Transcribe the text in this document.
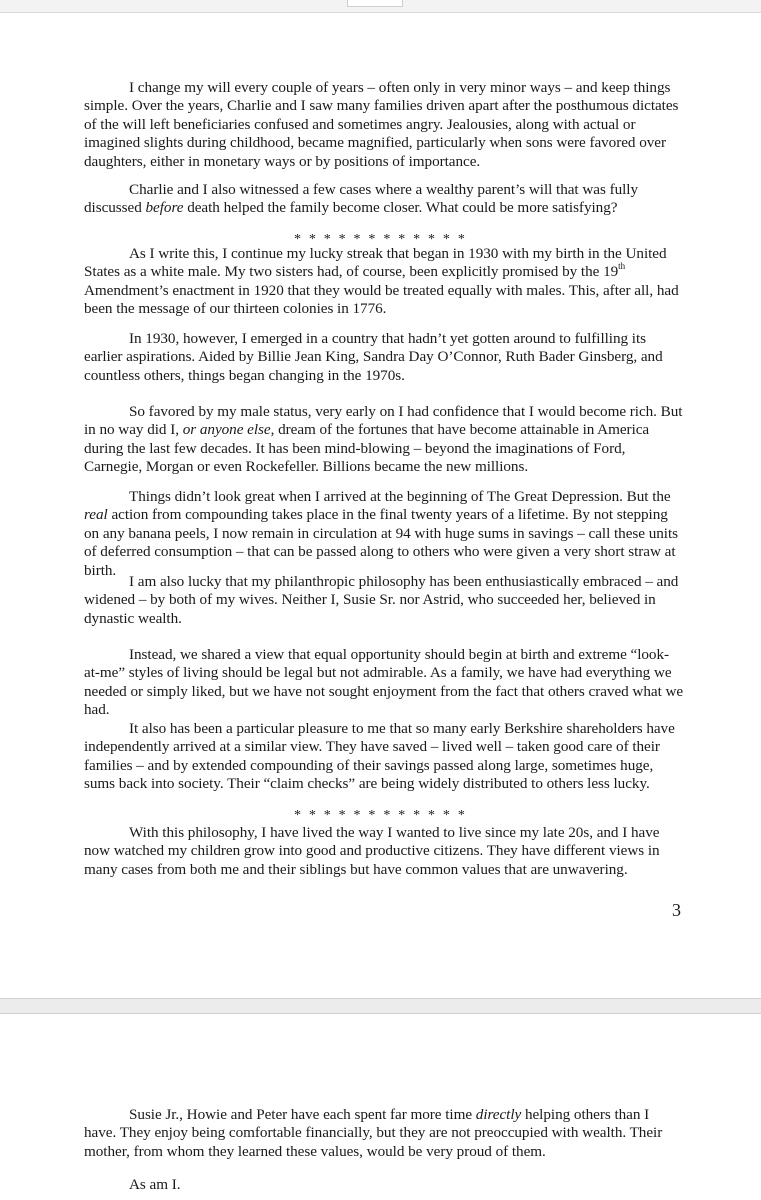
I change my will every couple of years – often only in very minor ways – and keep things simple. Over the years, Charlie and I saw many families driven apart after the posthumous dictates of the will left beneficiaries confused and sometimes angry. Jealousies, along with actual or imagined slights during childhood, became magnified, particularly when sons were favored over daughters, either in monetary ways or by positions of importance.

Charlie and I also witnessed a few cases where a wealthy parent’s will that was fully discussed before death helped the family become closer. What could be more satisfying?

* * * * * * * * * * * *

As I write this, I continue my lucky streak that began in 1930 with my birth in the United States as a white male. My two sisters had, of course, been explicitly promised by the 19th Amendment’s enactment in 1920 that they would be treated equally with males. This, after all, had been the message of our thirteen colonies in 1776.

In 1930, however, I emerged in a country that hadn’t yet gotten around to fulfilling its earlier aspirations. Aided by Billie Jean King, Sandra Day O’Connor, Ruth Bader Ginsberg, and countless others, things began changing in the 1970s.

So favored by my male status, very early on I had confidence that I would become rich. But in no way did I, or anyone else, dream of the fortunes that have become attainable in America during the last few decades. It has been mind-blowing – beyond the imaginations of Ford, Carnegie, Morgan or even Rockefeller. Billions became the new millions.

Things didn’t look great when I arrived at the beginning of The Great Depression. But the real action from compounding takes place in the final twenty years of a lifetime. By not stepping on any banana peels, I now remain in circulation at 94 with huge sums in savings – call these units of deferred consumption – that can be passed along to others who were given a very short straw at birth.

I am also lucky that my philanthropic philosophy has been enthusiastically embraced – and widened – by both of my wives. Neither I, Susie Sr. nor Astrid, who succeeded her, believed in dynastic wealth.

Instead, we shared a view that equal opportunity should begin at birth and extreme “look-at-me” styles of living should be legal but not admirable. As a family, we have had everything we needed or simply liked, but we have not sought enjoyment from the fact that others craved what we had.

It also has been a particular pleasure to me that so many early Berkshire shareholders have independently arrived at a similar view. They have saved – lived well – taken good care of their families – and by extended compounding of their savings passed along large, sometimes huge, sums back into society. Their “claim checks” are being widely distributed to others less lucky.

* * * * * * * * * * * *

With this philosophy, I have lived the way I wanted to live since my late 20s, and I have now watched my children grow into good and productive citizens. They have different views in many cases from both me and their siblings but have common values that are unwavering.

3

Susie Jr., Howie and Peter have each spent far more time directly helping others than I have. They enjoy being comfortable financially, but they are not preoccupied with wealth. Their mother, from whom they learned these values, would be very proud of them.

As am I.
